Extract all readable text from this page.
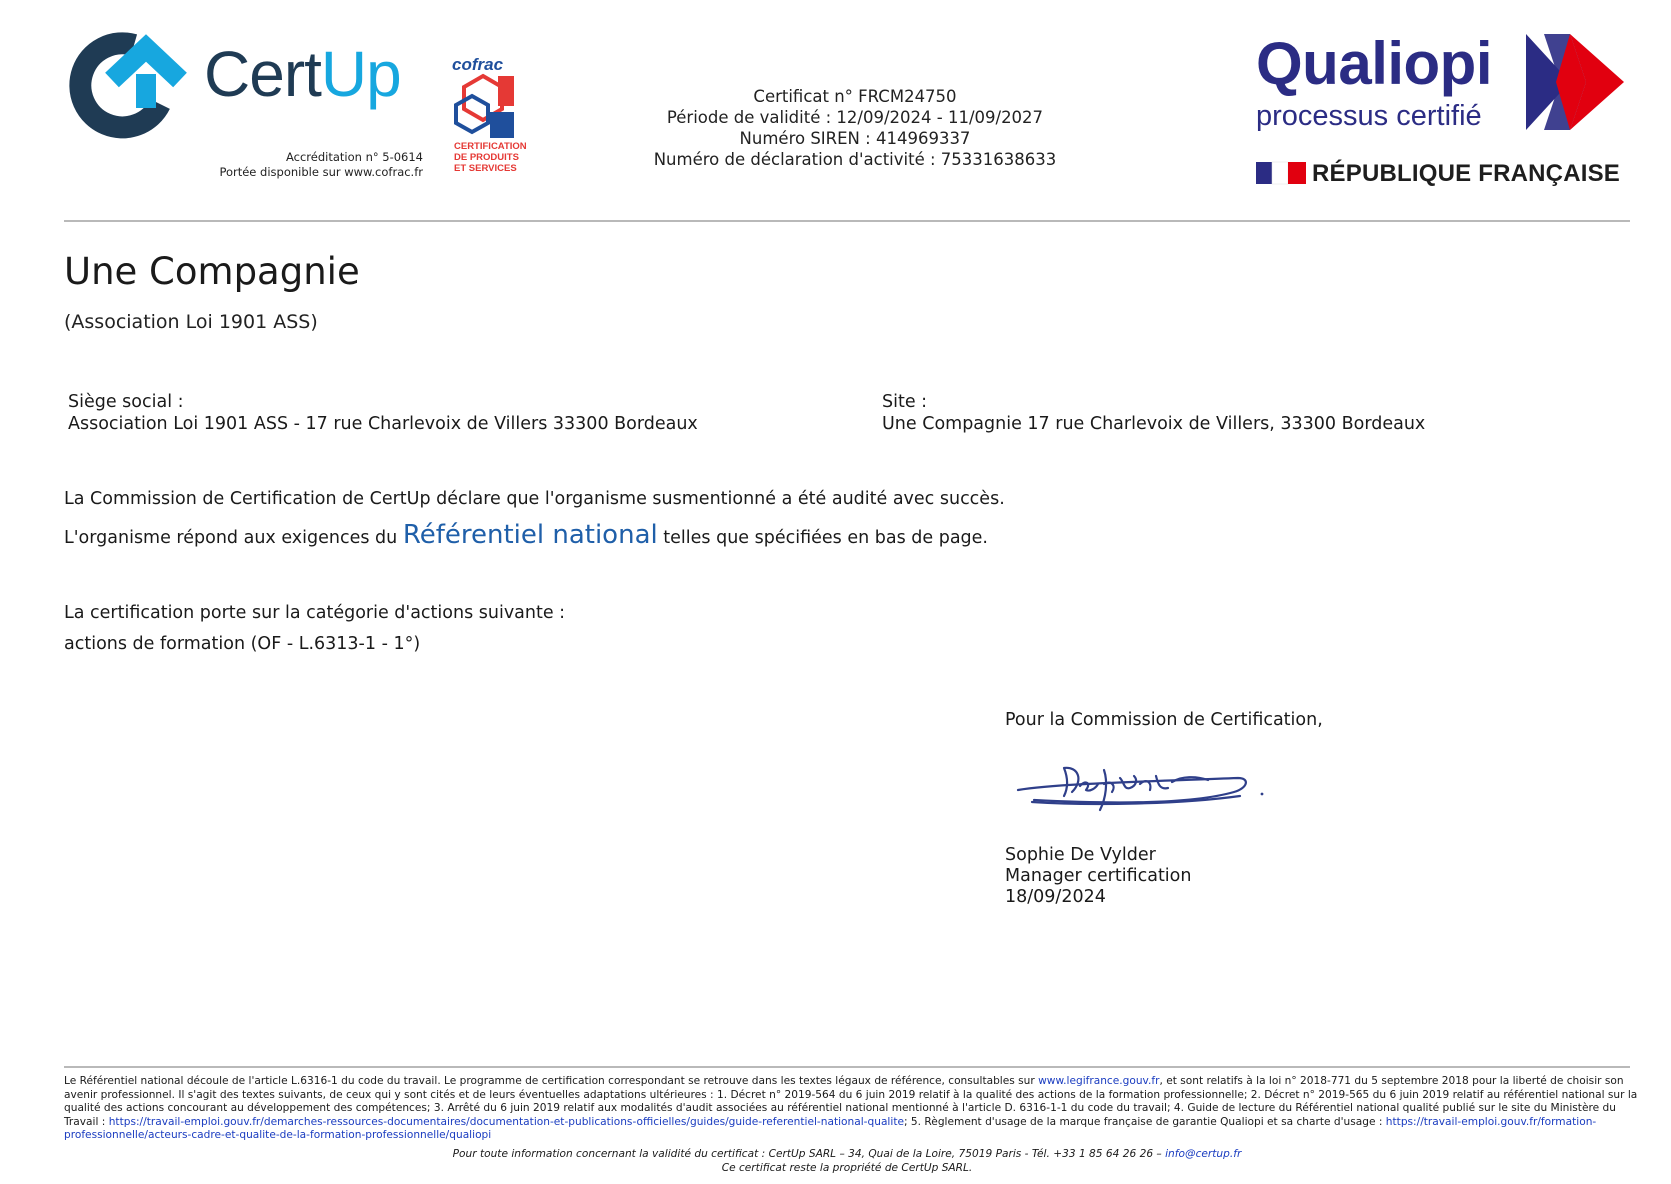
CertUp
Accréditation n° 5-0614
Portée disponible sur www.cofrac.fr
cofrac
CERTIFICATION
DE PRODUITS
ET SERVICES
Certificat n° FRCM24750
Période de validité : 12/09/2024 - 11/09/2027
Numéro SIREN : 414969337
Numéro de déclaration d'activité : 75331638633
Qualiopi
processus certifié
RÉPUBLIQUE FRANÇAISE
Une Compagnie
(Association Loi 1901 ASS)
Siège social :
Association Loi 1901 ASS - 17 rue Charlevoix de Villers 33300 Bordeaux
Site :
Une Compagnie 17 rue Charlevoix de Villers, 33300 Bordeaux
La Commission de Certification de CertUp déclare que l'organisme susmentionné a été audité avec succès.
L'organisme répond aux exigences du Référentiel national telles que spécifiées en bas de page.
La certification porte sur la catégorie d'actions suivante :
actions de formation (OF - L.6313-1 - 1°)
Pour la Commission de Certification,
Sophie De Vylder
Manager certification
18/09/2024
Le Référentiel national découle de l'article L.6316-1 du code du travail. Le programme de certification correspondant se retrouve dans les textes légaux de référence, consultables sur www.legifrance.gouv.fr, et sont relatifs à la loi n° 2018-771 du 5 septembre 2018 pour la liberté de choisir son avenir professionnel. Il s'agit des textes suivants, de ceux qui y sont cités et de leurs éventuelles adaptations ultérieures : 1. Décret n° 2019-564 du 6 juin 2019 relatif à la qualité des actions de la formation professionnelle; 2. Décret n° 2019-565 du 6 juin 2019 relatif au référentiel national sur la qualité des actions concourant au développement des compétences; 3. Arrêté du 6 juin 2019 relatif aux modalités d'audit associées au référentiel national mentionné à l'article D. 6316-1-1 du code du travail; 4. Guide de lecture du Référentiel national qualité publié sur le site du Ministère du Travail : https://travail-emploi.gouv.fr/demarches-ressources-documentaires/documentation-et-publications-officielles/guides/guide-referentiel-national-qualite; 5. Règlement d'usage de la marque française de garantie Qualiopi et sa charte d'usage : https://travail-emploi.gouv.fr/formation-professionnelle/acteurs-cadre-et-qualite-de-la-formation-professionnelle/qualiopi
Pour toute information concernant la validité du certificat : CertUp SARL – 34, Quai de la Loire, 75019 Paris - Tél. +33 1 85 64 26 26 – info@certup.fr
Ce certificat reste la propriété de CertUp SARL.
